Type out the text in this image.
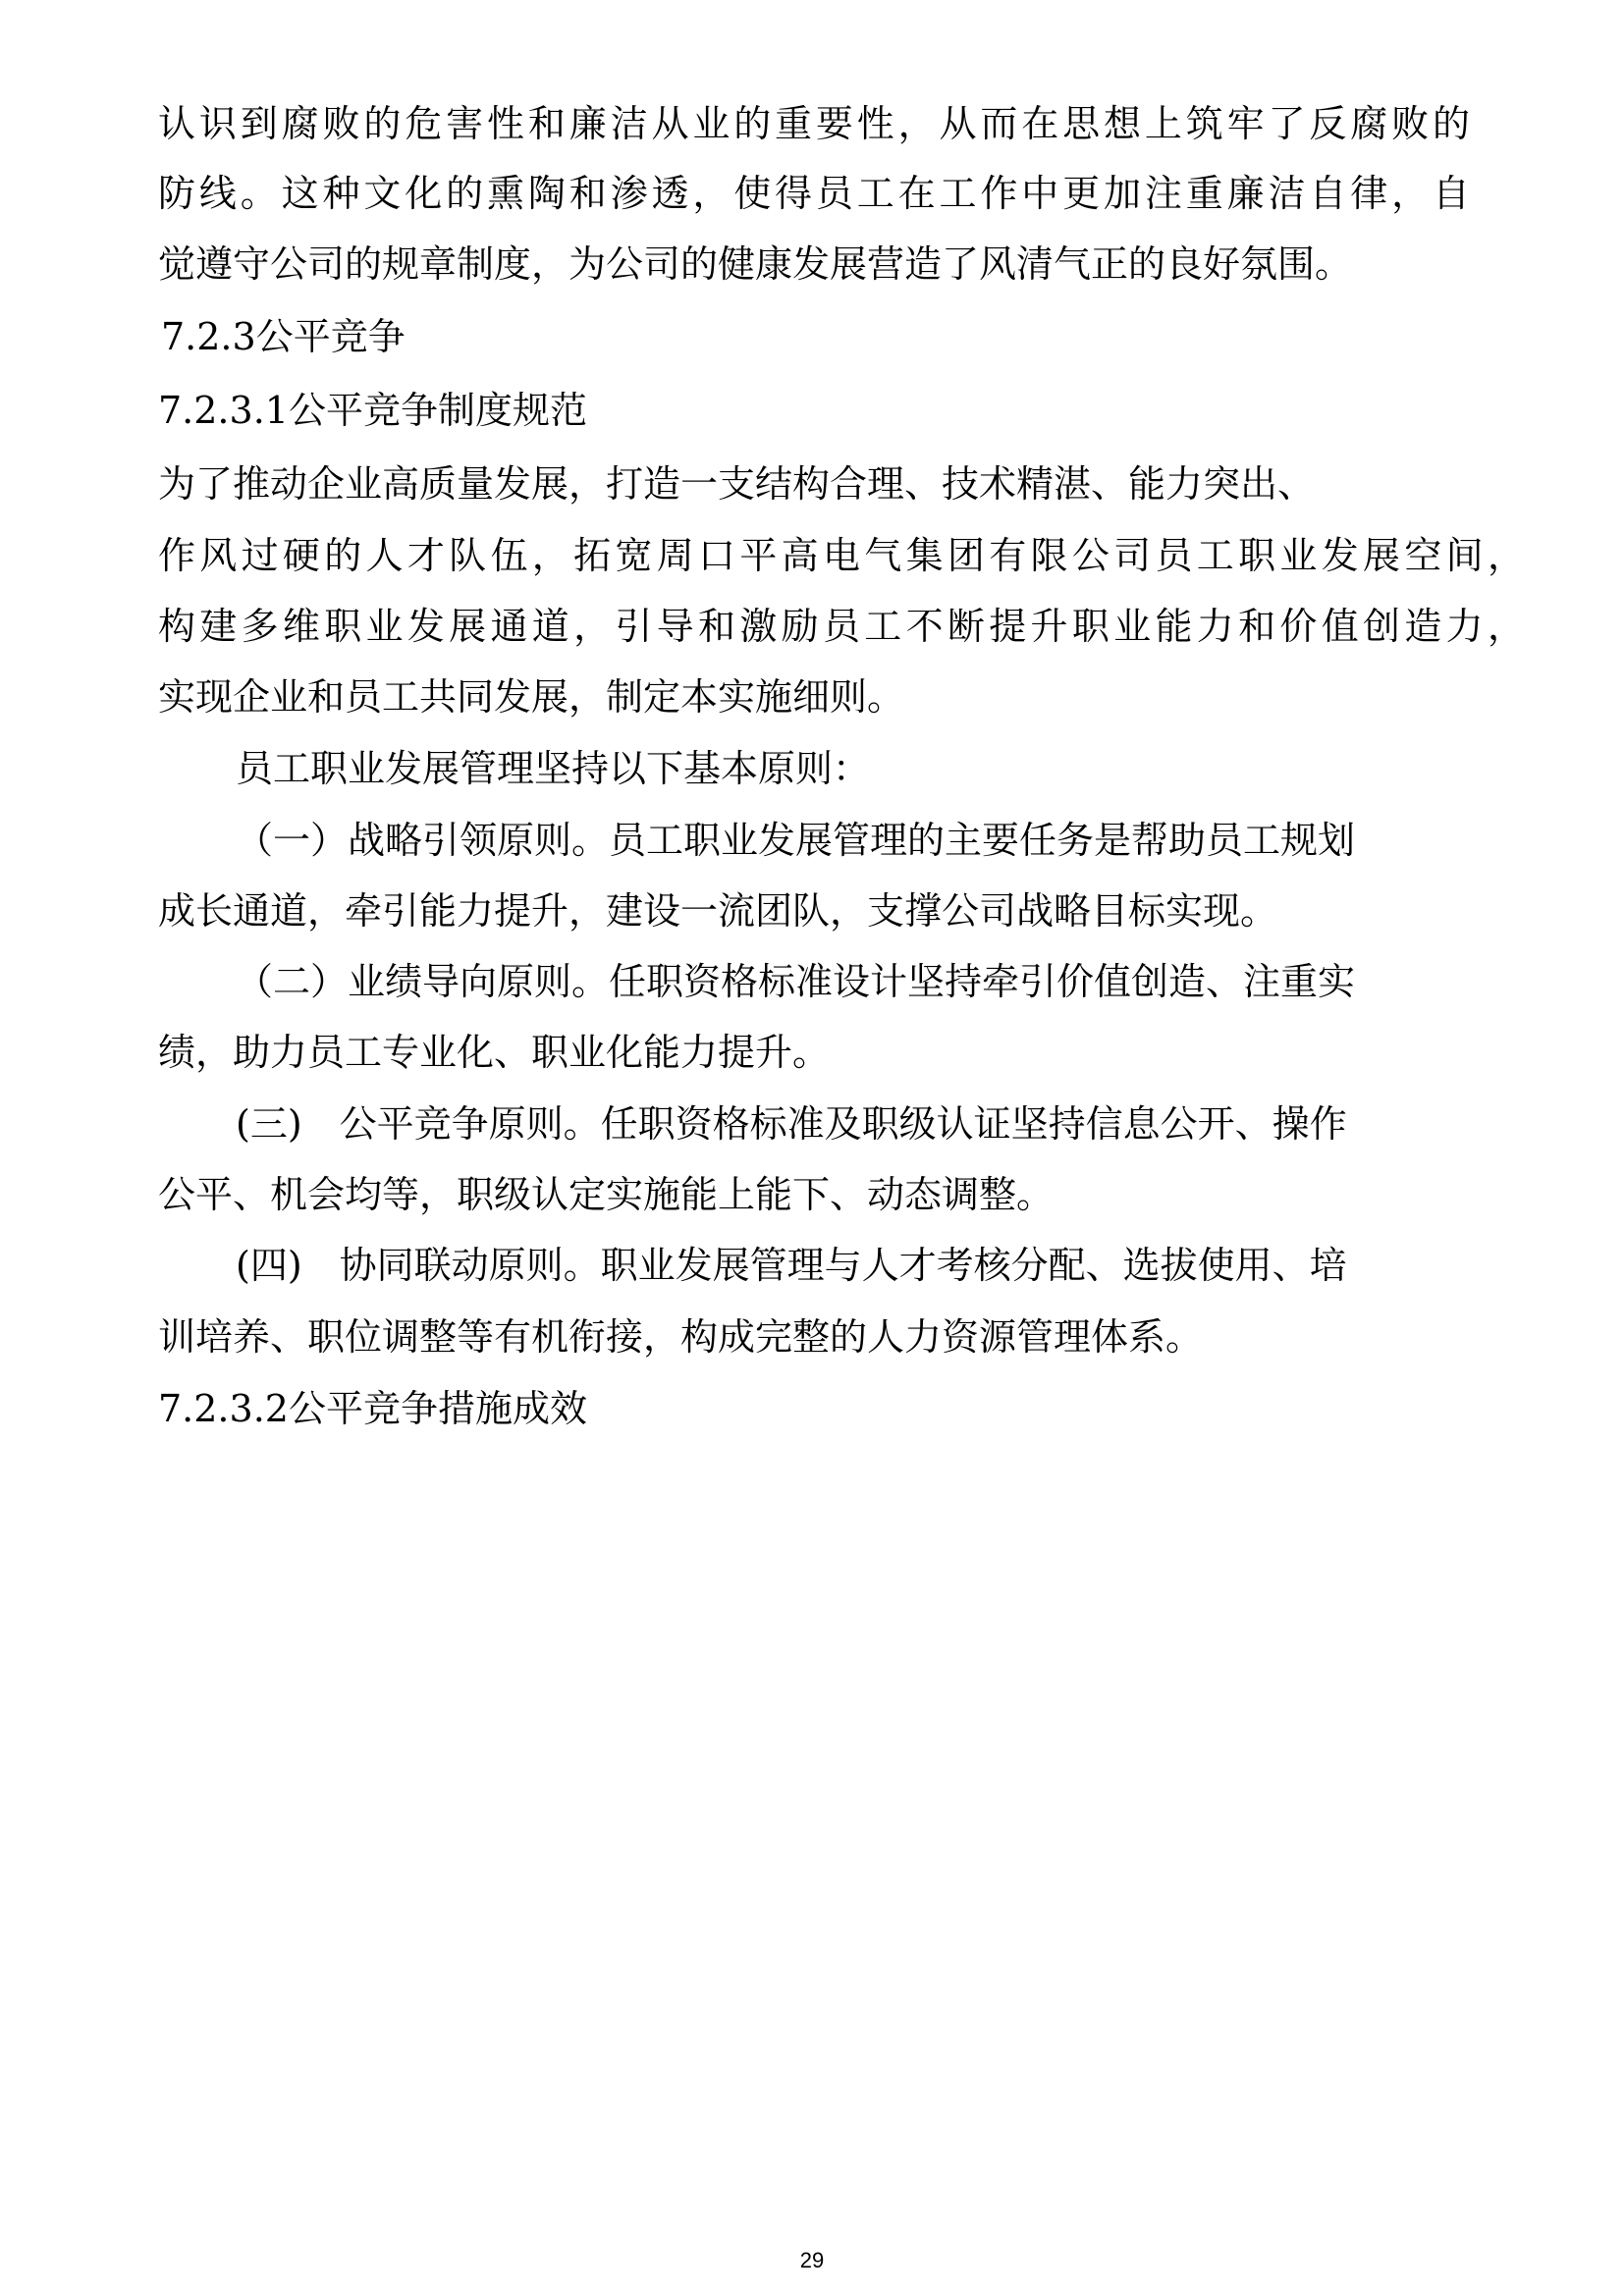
认识到腐败的危害性和廉洁从业的重要性，从而在思想上筑牢了反腐败的
防线。这种文化的熏陶和渗透，使得员工在工作中更加注重廉洁自律，自
觉遵守公司的规章制度，为公司的健康发展营造了风清气正的良好氛围。
7.2.3公平竞争
7.2.3.1公平竞争制度规范
为了推动企业高质量发展，打造一支结构合理、技术精湛、能力突出、
作风过硬的人才队伍，拓宽周口平高电气集团有限公司员工职业发展空间，
构建多维职业发展通道，引导和激励员工不断提升职业能力和价值创造力，
实现企业和员工共同发展，制定本实施细则。
员工职业发展管理坚持以下基本原则：
（一）战略引领原则。员工职业发展管理的主要任务是帮助员工规划
成长通道，牵引能力提升，建设一流团队，支撑公司战略目标实现。
（二）业绩导向原则。任职资格标准设计坚持牵引价值创造、注重实
绩，助力员工专业化、职业化能力提升。
(三)　公平竞争原则。任职资格标准及职级认证坚持信息公开、操作
公平、机会均等，职级认定实施能上能下、动态调整。
(四)　协同联动原则。职业发展管理与人才考核分配、选拔使用、培
训培养、职位调整等有机衔接，构成完整的人力资源管理体系。
7.2.3.2公平竞争措施成效
29
